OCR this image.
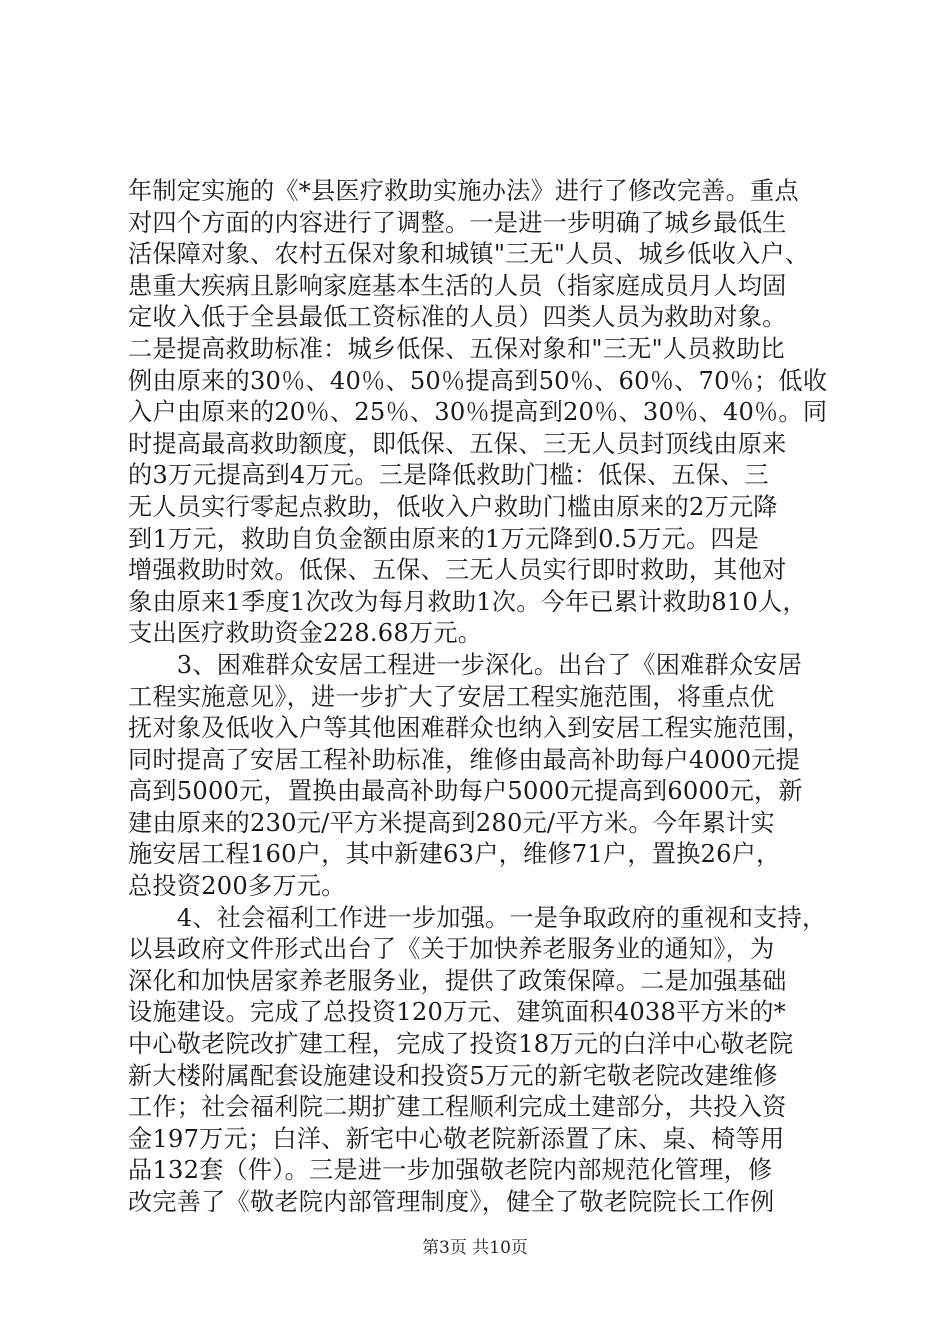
年制定实施的《*县医疗救助实施办法》进行了修改完善。重点
对四个方面的内容进行了调整。一是进一步明确了城乡最低生
活保障对象、农村五保对象和城镇"三无"人员、城乡低收入户、
患重大疾病且影响家庭基本生活的人员（指家庭成员月人均固
定收入低于全县最低工资标准的人员）四类人员为救助对象。
二是提高救助标准：城乡低保、五保对象和"三无"人员救助比
例由原来的30％、40％、50％提高到50％、60％、70％；低收
入户由原来的20％、25％、30％提高到20％、30％、40％。同
时提高最高救助额度，即低保、五保、三无人员封顶线由原来
的3万元提高到4万元。三是降低救助门槛：低保、五保、三
无人员实行零起点救助，低收入户救助门槛由原来的2万元降
到1万元，救助自负金额由原来的1万元降到0.5万元。四是
增强救助时效。低保、五保、三无人员实行即时救助，其他对
象由原来1季度1次改为每月救助1次。今年已累计救助810人，
支出医疗救助资金228.68万元。
　　3、困难群众安居工程进一步深化。出台了《困难群众安居
工程实施意见》，进一步扩大了安居工程实施范围，将重点优
抚对象及低收入户等其他困难群众也纳入到安居工程实施范围，
同时提高了安居工程补助标准，维修由最高补助每户4000元提
高到5000元，置换由最高补助每户5000元提高到6000元，新
建由原来的230元/平方米提高到280元/平方米。今年累计实
施安居工程160户，其中新建63户，维修71户，置换26户，
总投资200多万元。
　　4、社会福利工作进一步加强。一是争取政府的重视和支持，
以县政府文件形式出台了《关于加快养老服务业的通知》，为
深化和加快居家养老服务业，提供了政策保障。二是加强基础
设施建设。完成了总投资120万元、建筑面积4038平方米的*
中心敬老院改扩建工程，完成了投资18万元的白洋中心敬老院
新大楼附属配套设施建设和投资5万元的新宅敬老院改建维修
工作；社会福利院二期扩建工程顺利完成土建部分，共投入资
金197万元；白洋、新宅中心敬老院新添置了床、桌、椅等用
品132套（件）。三是进一步加强敬老院内部规范化管理，修
改完善了《敬老院内部管理制度》，健全了敬老院院长工作例
第3页 共10页
